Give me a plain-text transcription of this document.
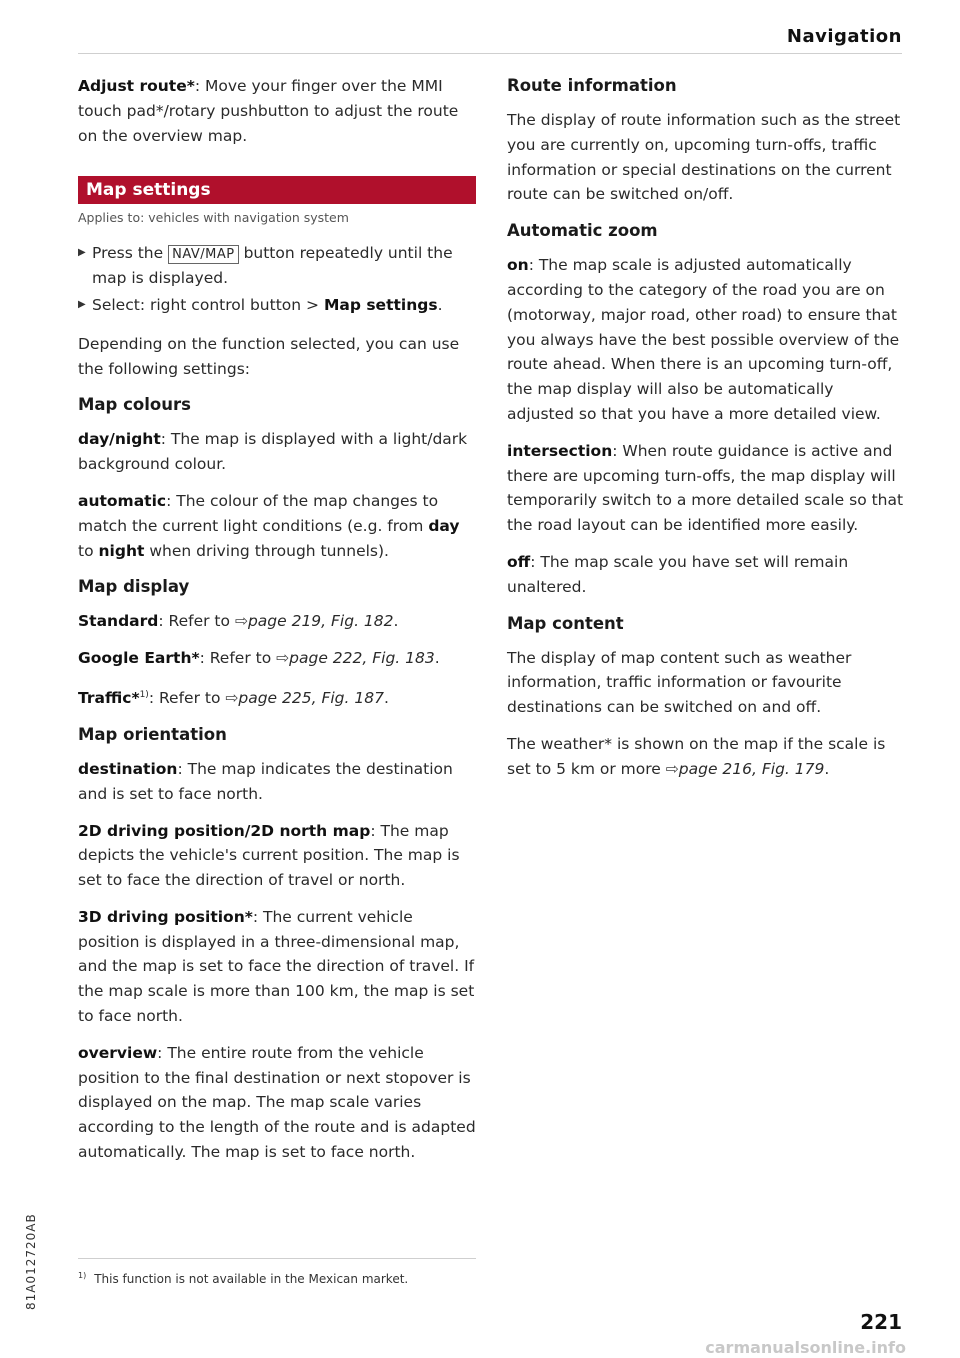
Navigation

Adjust route*: Move your finger over the MMI touch pad*/rotary pushbutton to adjust the route on the overview map.

Map settings
Applies to: vehicles with navigation system
▶ Press the NAV/MAP button repeatedly until the map is displayed.
▶ Select: right control button > Map settings.

Depending on the function selected, you can use the following settings:

Map colours

day/night: The map is displayed with a light/dark background colour.

automatic: The colour of the map changes to match the current light conditions (e.g. from day to night when driving through tunnels).

Map display

Standard: Refer to ⇨page 219, Fig. 182.

Google Earth*: Refer to ⇨page 222, Fig. 183.

Traffic*$^{1)}$: Refer to ⇨page 225, Fig. 187.

Map orientation

destination: The map indicates the destination and is set to face north.

2D driving position/2D north map: The map depicts the vehicle's current position. The map is set to face the direction of travel or north.

3D driving position*: The current vehicle position is displayed in a three-dimensional map, and the map is set to face the direction of travel. If the map scale is more than 100 km, the map is set to face north.

overview: The entire route from the vehicle position to the final destination or next stopover is displayed on the map. The map scale varies according to the length of the route and is adapted automatically. The map is set to face north.

Route information

The display of route information such as the street you are currently on, upcoming turn-offs, traffic information or special destinations on the current route can be switched on/off.

Automatic zoom

on: The map scale is adjusted automatically according to the category of the road you are on (motorway, major road, other road) to ensure that you always have the best possible overview of the route ahead. When there is an upcoming turn-off, the map display will also be automatically adjusted so that you have a more detailed view.

intersection: When route guidance is active and there are upcoming turn-offs, the map display will temporarily switch to a more detailed scale so that the road layout can be identified more easily.

off: The map scale you have set will remain unaltered.

Map content

The display of map content such as weather information, traffic information or favourite destinations can be switched on and off.

The weather* is shown on the map if the scale is set to 5 km or more ⇨page 216, Fig. 179.

$^{1)}$ This function is not available in the Mexican market.
81A012720AB
221
carmanualsonline.info
